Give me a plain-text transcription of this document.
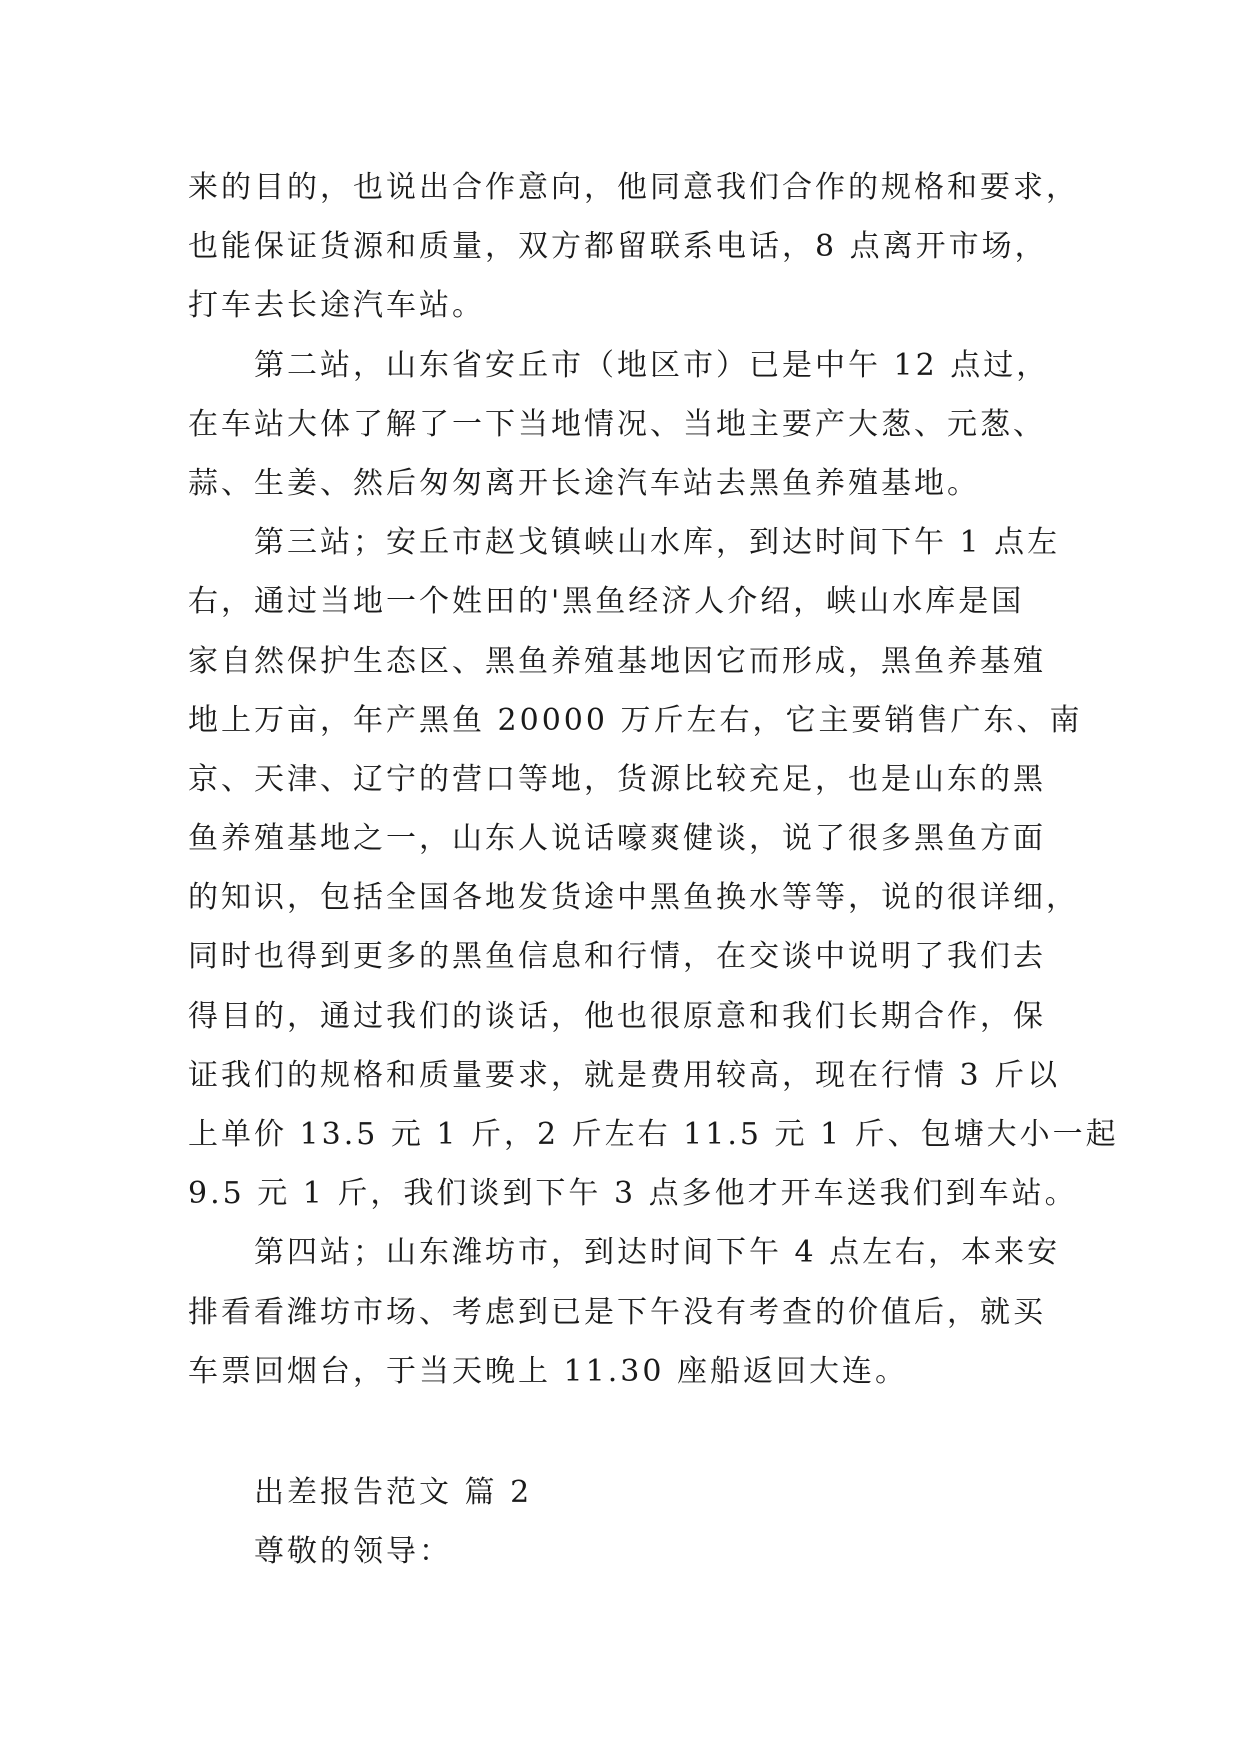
来的目的，也说出合作意向，他同意我们合作的规格和要求，
也能保证货源和质量，双方都留联系电话，8 点离开市场，
打车去长途汽车站。
第二站，山东省安丘市（地区市）已是中午 12 点过，
在车站大体了解了一下当地情况、当地主要产大葱、元葱、
蒜、生姜、然后匆匆离开长途汽车站去黑鱼养殖基地。
第三站；安丘市赵戈镇峡山水库，到达时间下午 1 点左
右，通过当地一个姓田的'黑鱼经济人介绍，峡山水库是国
家自然保护生态区、黑鱼养殖基地因它而形成，黑鱼养基殖
地上万亩，年产黑鱼 20000 万斤左右，它主要销售广东、南
京、天津、辽宁的营口等地，货源比较充足，也是山东的黑
鱼养殖基地之一，山东人说话嚎爽健谈，说了很多黑鱼方面
的知识，包括全国各地发货途中黑鱼换水等等，说的很详细，
同时也得到更多的黑鱼信息和行情，在交谈中说明了我们去
得目的，通过我们的谈话，他也很原意和我们长期合作，保
证我们的规格和质量要求，就是费用较高，现在行情 3 斤以
上单价 13.5 元 1 斤，2 斤左右 11.5 元 1 斤、包塘大小一起
9.5 元 1 斤，我们谈到下午 3 点多他才开车送我们到车站。
第四站；山东潍坊市，到达时间下午 4 点左右，本来安
排看看潍坊市场、考虑到已是下午没有考查的价值后，就买
车票回烟台，于当天晚上 11.30 座船返回大连。
出差报告范文 篇 2
尊敬的领导：
